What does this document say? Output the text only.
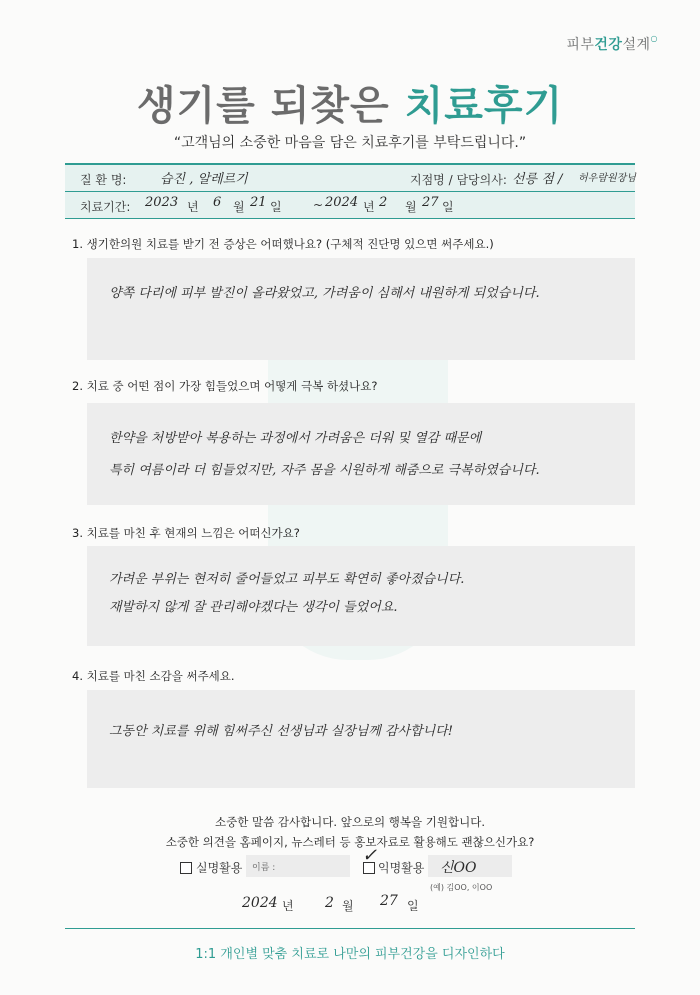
피부건강설계○
생기를 되찾은 치료후기
“고객님의 소중한 마음을 담은 치료후기를 부탁드립니다.”
질 환 명:	습진 , 알레르기	지점명 / 담당의사: 선릉 점 / 허우람원장님
치료기간: 2023 년 6 월 21 일	~ 2024 년 2 월 27 일
1. 생기한의원 치료를 받기 전 증상은 어떠했나요? (구체적 진단명 있으면 써주세요.)
양쪽 다리에 피부 발진이 올라왔었고, 가려움이 심해서 내원하게 되었습니다.
2. 치료 중 어떤 점이 가장 힘들었으며 어떻게 극복 하셨나요?
한약을 처방받아 복용하는 과정에서 가려움은 더워 및 열감 때문에
특히 여름이라 더 힘들었지만, 자주 몸을 시원하게 해줌으로 극복하였습니다.
3. 치료를 마친 후 현재의 느낌은 어떠신가요?
가려운 부위는 현저히 줄어들었고 피부도 확연히 좋아졌습니다.
재발하지 않게 잘 관리해야겠다는 생각이 들었어요.
4. 치료를 마친 소감을 써주세요.
그동안 치료를 위해 힘써주신 선생님과 실장님께 감사합니다!
소중한 말씀 감사합니다. 앞으로의 행복을 기원합니다.
소중한 의견을 홈페이지, 뉴스레터 등 홍보자료로 활용해도 괜찮으신가요?
실명활용 이름 :
✓
익명활용 신OO
(예) 김OO, 이OO
2024 년 2 월 27 일
1:1 개인별 맞춤 치료로 나만의 피부건강을 디자인하다
